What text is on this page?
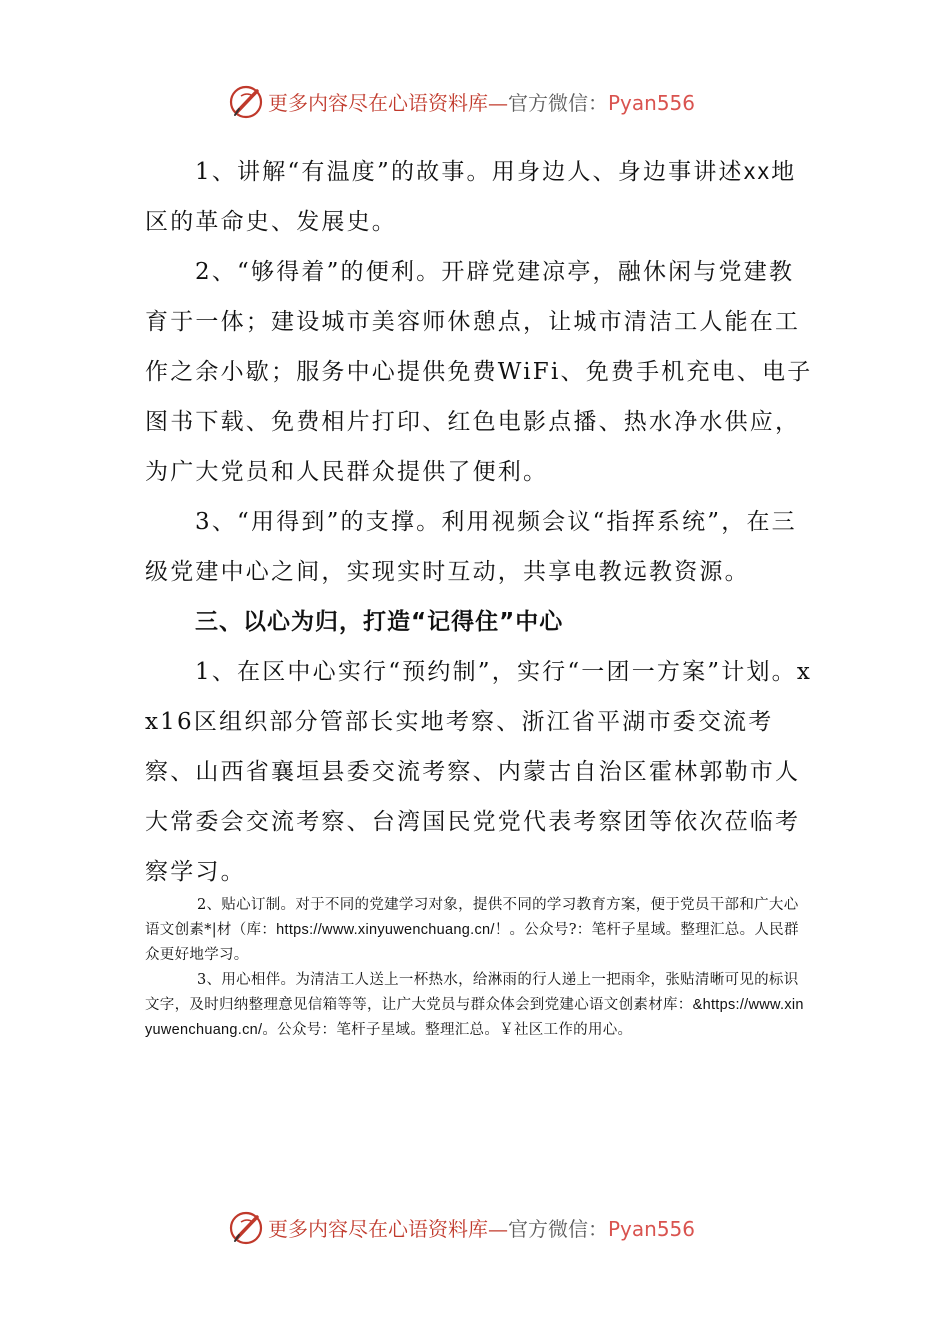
更多内容尽在心语资料库—官方微信：Pyan556

1、讲解“有温度”的故事。用身边人、身边事讲述xx地区的革命史、发展史。

2、“够得着”的便利。开辟党建凉亭，融休闲与党建教育于一体；建设城市美容师休憩点，让城市清洁工人能在工作之余小歇；服务中心提供免费WiFi、免费手机充电、电子图书下载、免费相片打印、红色电影点播、热水净水供应，为广大党员和人民群众提供了便利。

3、“用得到”的支撑。利用视频会议“指挥系统”，在三级党建中心之间，实现实时互动，共享电教远教资源。

三、以心为归，打造“记得住”中心

1、在区中心实行“预约制”，实行“一团一方案”计划。xx16区组织部分管部长实地考察、浙江省平湖市委交流考察、山西省襄垣县委交流考察、内蒙古自治区霍林郭勒市人大常委会交流考察、台湾国民党党代表考察团等依次莅临考察学习。

2、贴心订制。对于不同的党建学习对象，提供不同的学习教育方案，便于党员干部和广大心语文创素*|材（库：https://www.xinyuwenchuang.cn/！。公众号?：笔杆子星域。整理汇总。人民群众更好地学习。

3、用心相伴。为清洁工人送上一杯热水，给淋雨的行人递上一把雨伞，张贴清晰可见的标识文字，及时归纳整理意见信箱等等，让广大党员与群众体会到党建心语文创素材库：&https://www.xinyuwenchuang.cn/。公众号：笔杆子星域。整理汇总。￥社区工作的用心。

更多内容尽在心语资料库—官方微信：Pyan556
